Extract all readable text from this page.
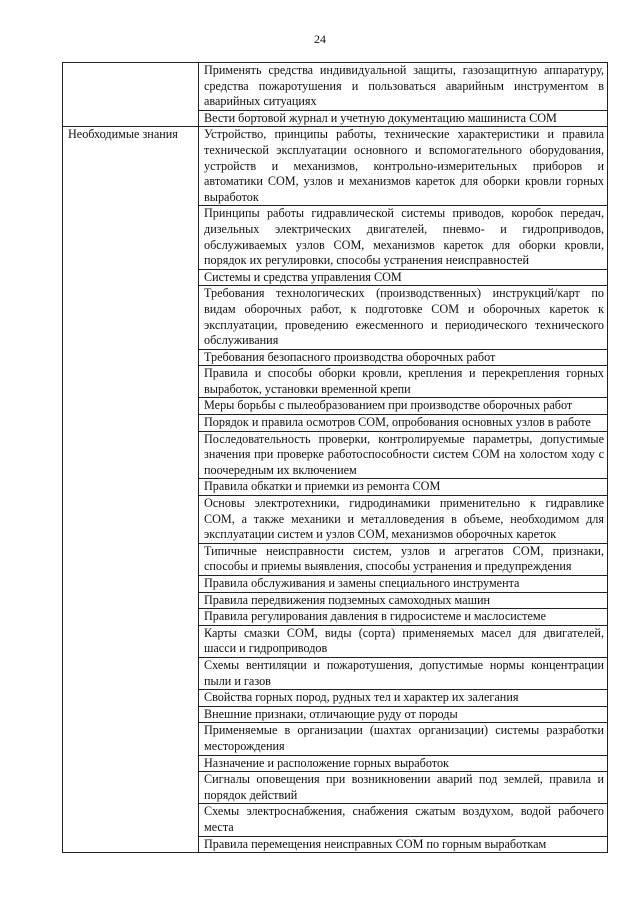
24
	Применять средства индивидуальной защиты, газозащитную аппаратуру, средства пожаротушения и пользоваться аварийным инструментом в аварийных ситуациях
	Вести бортовой журнал и учетную документацию машиниста СОМ
Необходимые знания	Устройство, принципы работы, технические характеристики и правила технической эксплуатации основного и вспомогательного оборудования, устройств и механизмов, контрольно-измерительных приборов и автоматики СОМ, узлов и механизмов кареток для оборки кровли горных выработок
	Принципы работы гидравлической системы приводов, коробок передач, дизельных электрических двигателей, пневмо- и гидроприводов, обслуживаемых узлов СОМ, механизмов кареток для оборки кровли, порядок их регулировки, способы устранения неисправностей
	Системы и средства управления СОМ
	Требования технологических (производственных) инструкций/карт по видам оборочных работ, к подготовке СОМ и оборочных кареток к эксплуатации, проведению ежесменного и периодического технического обслуживания
	Требования безопасного производства оборочных работ
	Правила и способы оборки кровли, крепления и перекрепления горных выработок, установки временной крепи
	Меры борьбы с пылеобразованием при производстве оборочных работ
	Порядок и правила осмотров СОМ, опробования основных узлов в работе
	Последовательность проверки, контролируемые параметры, допустимые значения при проверке работоспособности систем СОМ на холостом ходу с поочередным их включением
	Правила обкатки и приемки из ремонта СОМ
	Основы электротехники, гидродинамики применительно к гидравлике СОМ, а также механики и металловедения в объеме, необходимом для эксплуатации систем и узлов СОМ, механизмов оборочных кареток
	Типичные неисправности систем, узлов и агрегатов СОМ, признаки, способы и приемы выявления, способы устранения и предупреждения
	Правила обслуживания и замены специального инструмента
	Правила передвижения подземных самоходных машин
	Правила регулирования давления в гидросистеме и маслосистеме
	Карты смазки СОМ, виды (сорта) применяемых масел для двигателей, шасси и гидроприводов
	Схемы вентиляции и пожаротушения, допустимые нормы концентрации пыли и газов
	Свойства горных пород, рудных тел и характер их залегания
	Внешние признаки, отличающие руду от породы
	Применяемые в организации (шахтах организации) системы разработки месторождения
	Назначение и расположение горных выработок
	Сигналы оповещения при возникновении аварий под землей, правила и порядок действий
	Схемы электроснабжения, снабжения сжатым воздухом, водой рабочего места
	Правила перемещения неисправных СОМ по горным выработкам
